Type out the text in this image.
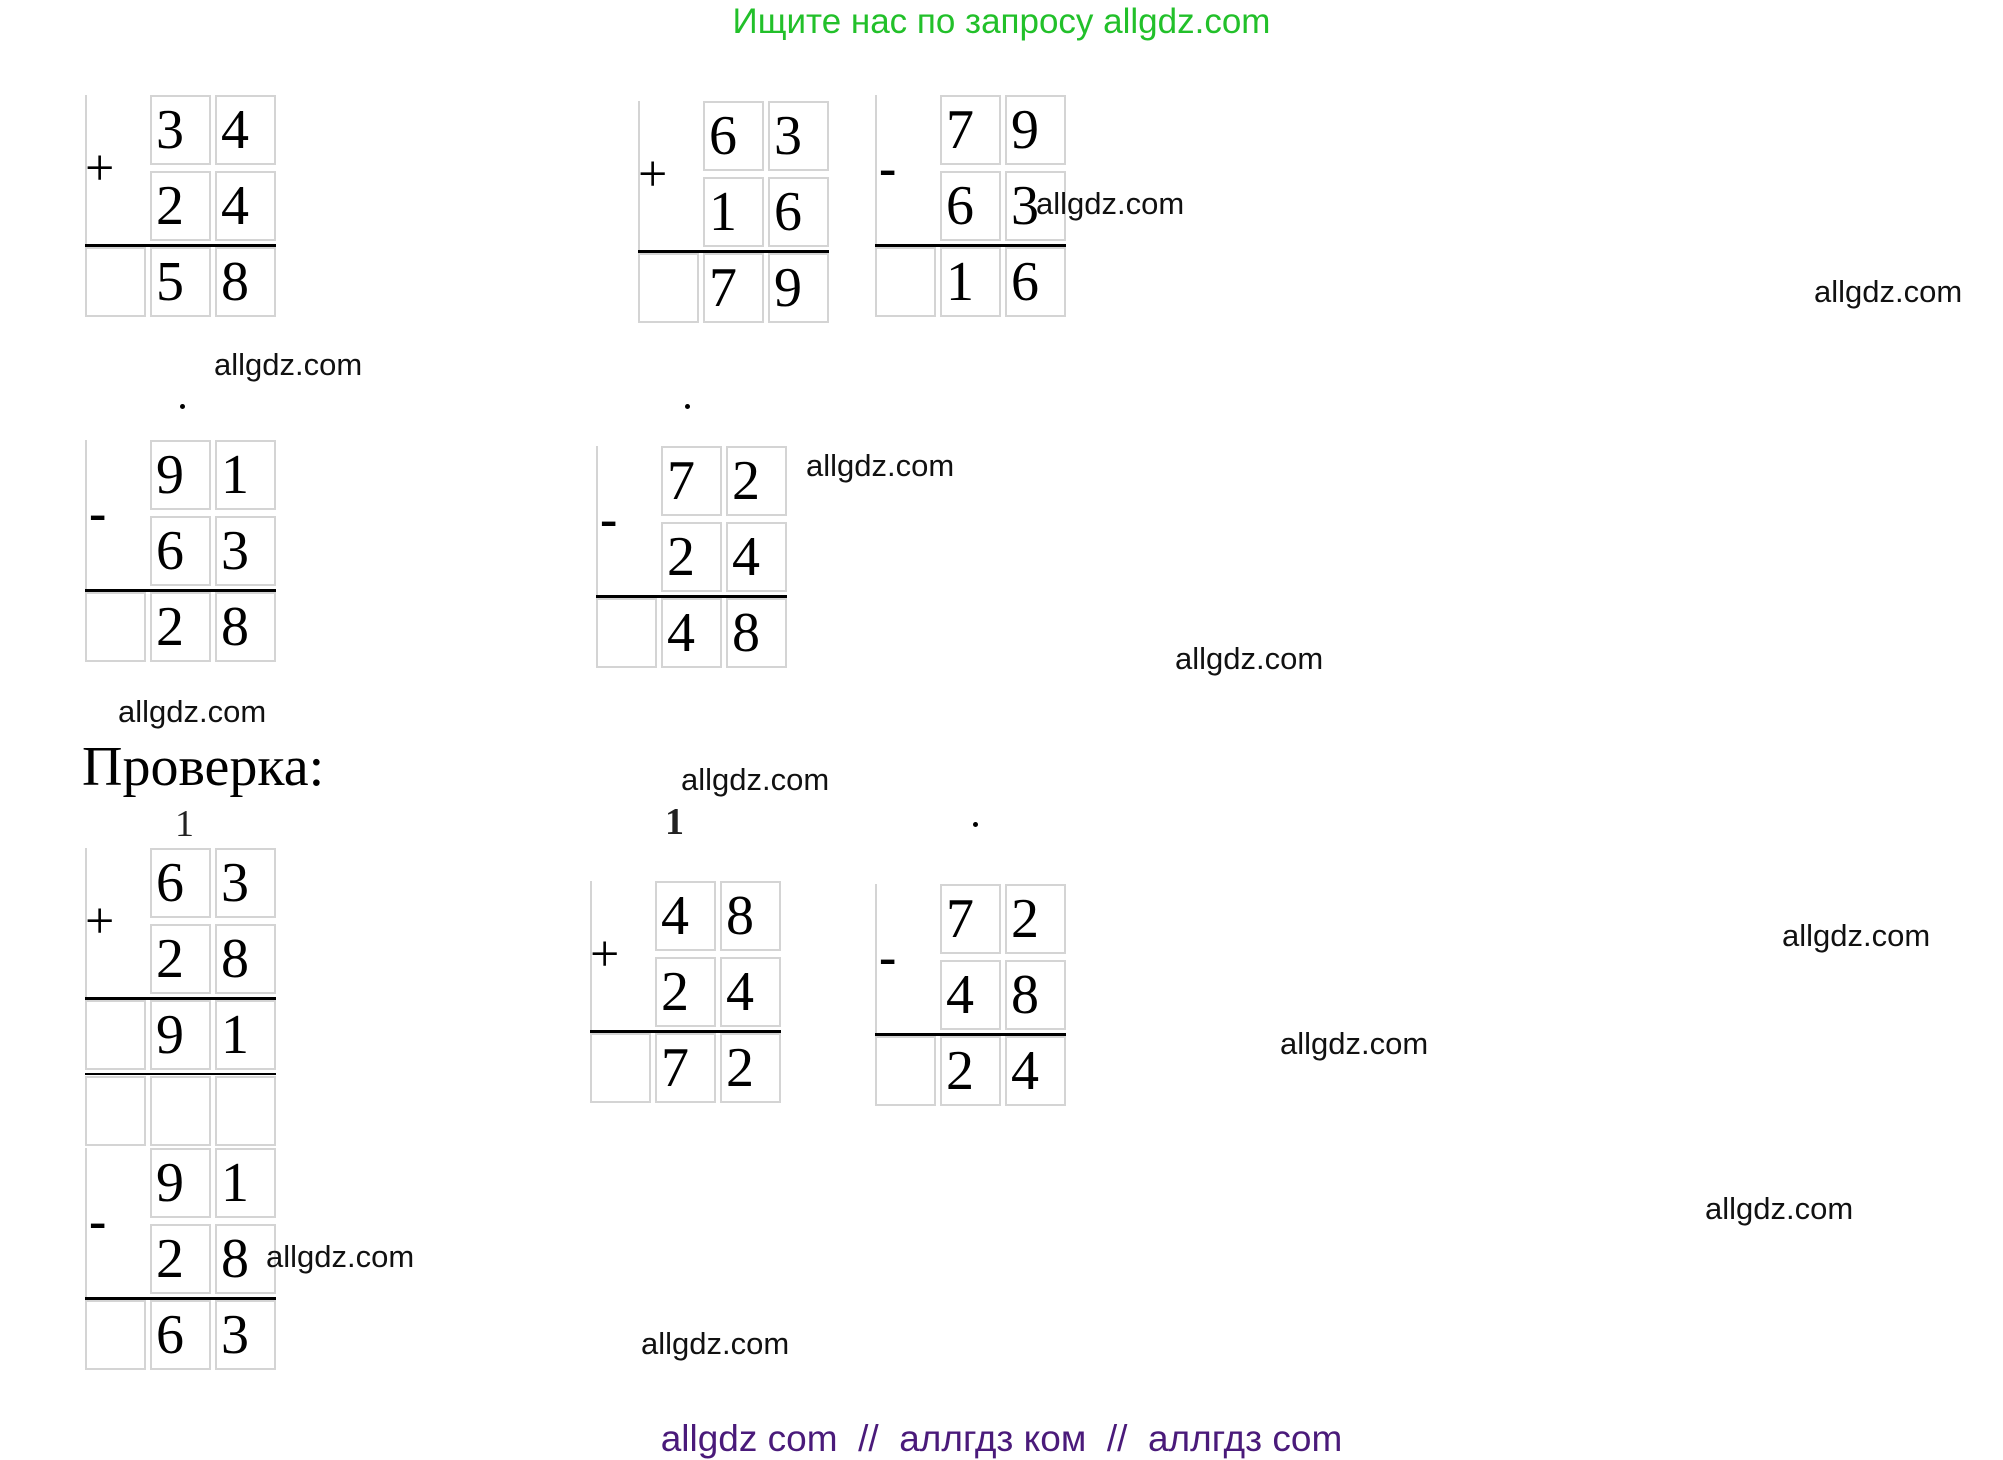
Ищите нас по запросу allgdz.com
Проверка:
1	1
3 4
2 4
5 8
+
6 3
1 6
7 9
+
7 9
6 3
1 6
-
9 1
6 3
2 8
-
7 2
2 4
4 8
-
6 3
2 8
9 1
+	4 8
2 4
7 2
+
7 2
4 8
2 4
-
9 1
2 8
6 3
-
allgdz.com
allgdz.com
allgdz.com
allgdz.com
allgdz.com
allgdz.com
allgdz.com
allgdz.com
allgdz.com
allgdz.com
allgdz.com
allgdz.com
allgdz com  //  аллгдз ком  //  аллгдз com
